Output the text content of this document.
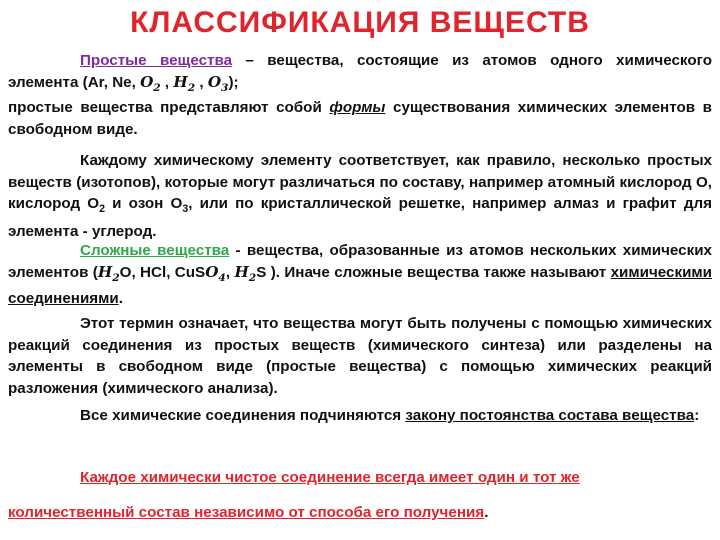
КЛАССИФИКАЦИЯ ВЕЩЕСТВ
Простые вещества – вещества, состоящие из атомов одного химического элемента (Ar, Ne, $O_2$ , $H_2$ , $O_3$);
простые вещества представляют собой формы существования химических элементов в свободном виде.
Каждому химическому элементу соответствует, как правило, несколько простых веществ (изотопов), которые могут различаться по составу, например атомный кислород О, кислород $О_2$ и озон $О_3$, или по кристаллической решетке, например алмаз и графит для элемента - углерод.
Сложные вещества - вещества, образованные из атомов нескольких химических элементов ($H_2O$, HCl, CuSO$_4$, $H_2S$ ). Иначе сложные вещества также называют химическими соединениями.
Этот термин означает, что вещества могут быть получены с помощью химических реакций соединения из простых веществ (химического синтеза) или разделены на элементы в свободном виде (простые вещества) с помощью химических реакций разложения (химического анализа).
Все химические соединения подчиняются закону постоянства состава вещества:
Каждое химически чистое соединение всегда имеет один и тот же
количественный состав независимо от способа его получения.
